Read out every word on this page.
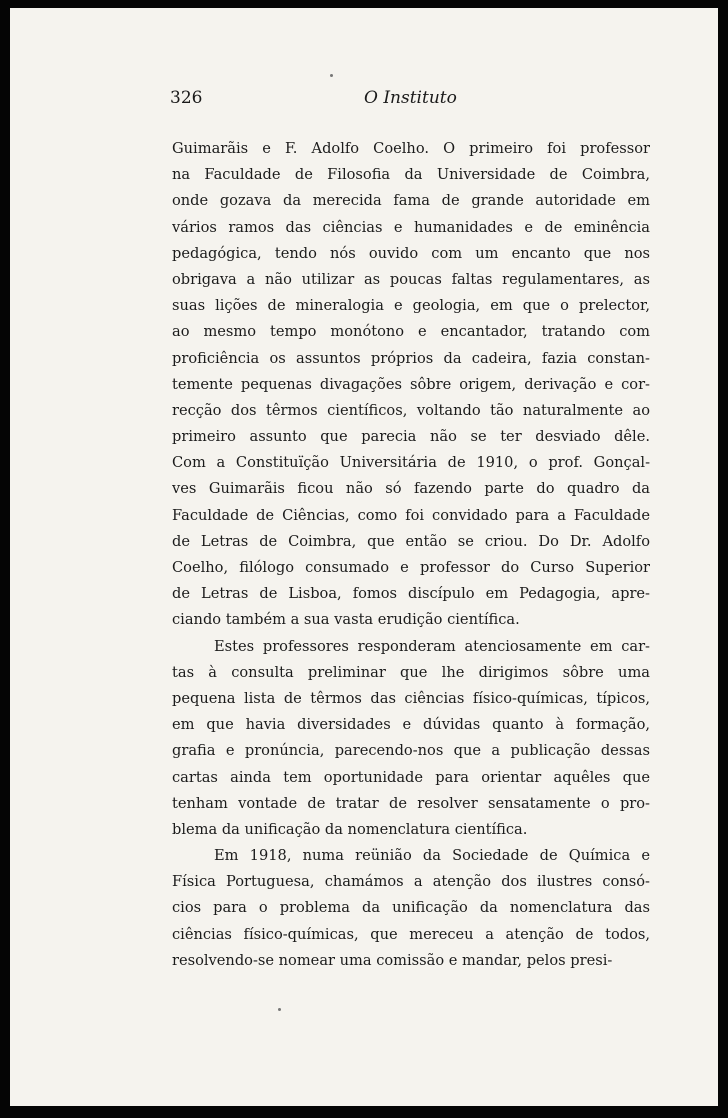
326	O Instituto
Guimarãis e F. Adolfo Coelho. O primeiro foi professor
na Faculdade de Filosofia da Universidade de Coimbra,
onde gozava da merecida fama de grande autoridade em
vários ramos das ciências e humanidades e de eminência
pedagógica, tendo nós ouvido com um encanto que nos
obrigava a não utilizar as poucas faltas regulamentares, as
suas lições de mineralogia e geologia, em que o prelector,
ao mesmo tempo monótono e encantador, tratando com
proficiência os assuntos próprios da cadeira, fazia constan-
temente pequenas divagações sôbre origem, derivação e cor-
recção dos têrmos científicos, voltando tão naturalmente ao
primeiro assunto que parecia não se ter desviado dêle.
Com a Constituïção Universitária de 1910, o prof. Gonçal-
ves Guimarãis ficou não só fazendo parte do quadro da
Faculdade de Ciências, como foi convidado para a Faculdade
de Letras de Coimbra, que então se criou. Do Dr. Adolfo
Coelho, filólogo consumado e professor do Curso Superior
de Letras de Lisboa, fomos discípulo em Pedagogia, apre-
ciando também a sua vasta erudição científica.
Estes professores responderam atenciosamente em car-
tas à consulta preliminar que lhe dirigimos sôbre uma
pequena lista de têrmos das ciências físico-químicas, típicos,
em que havia diversidades e dúvidas quanto à formação,
grafia e pronúncia, parecendo-nos que a publicação dessas
cartas ainda tem oportunidade para orientar aquêles que
tenham vontade de tratar de resolver sensatamente o pro-
blema da unificação da nomenclatura científica.
Em 1918, numa reünião da Sociedade de Química e
Física Portuguesa, chamámos a atenção dos ilustres consó-
cios para o problema da unificação da nomenclatura das
ciências físico-químicas, que mereceu a atenção de todos,
resolvendo-se nomear uma comissão e mandar, pelos presi-
